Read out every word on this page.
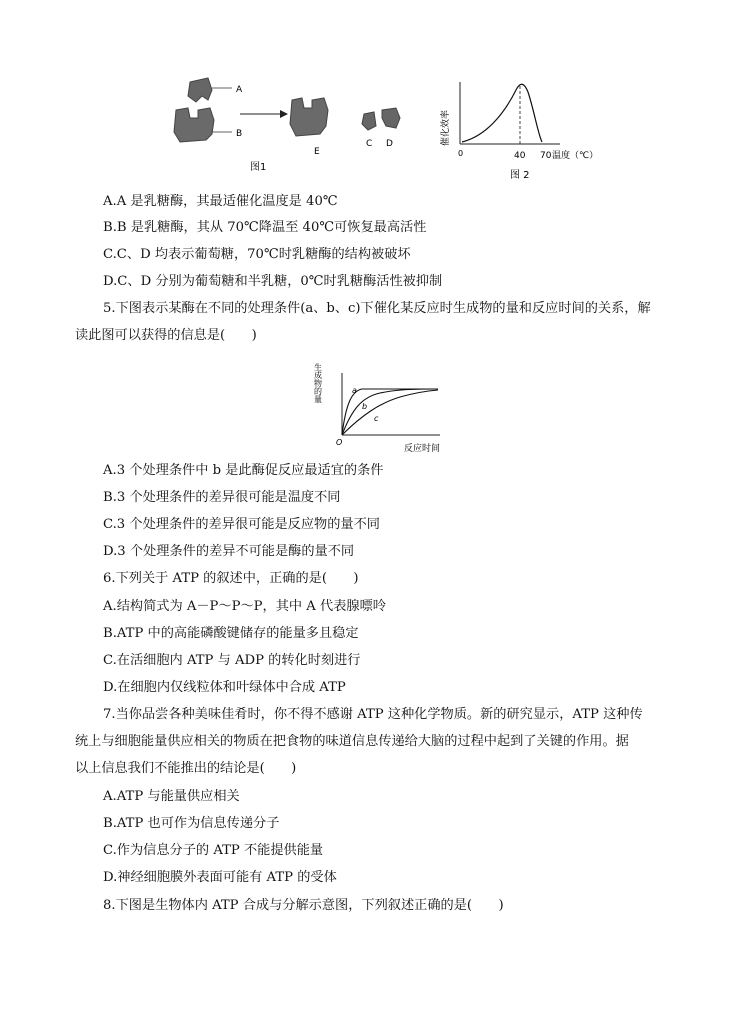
A
B
E
C D
图1
催化效率
0	40 70 温度（℃）
图 2
A.A 是乳糖酶，其最适催化温度是 40℃
B.B 是乳糖酶，其从 70℃降温至 40℃可恢复最高活性
C.C、D 均表示葡萄糖，70℃时乳糖酶的结构被破坏
D.C、D 分别为葡萄糖和半乳糖，0℃时乳糖酶活性被抑制
5.下图表示某酶在不同的处理条件(a、b、c)下催化某反应时生成物的量和反应时间的关系，解
读此图可以获得的信息是(　　)
生成物的量	a
b
c
O
反应时间
A.3 个处理条件中 b 是此酶促反应最适宜的条件
B.3 个处理条件的差异很可能是温度不同
C.3 个处理条件的差异很可能是反应物的量不同
D.3 个处理条件的差异不可能是酶的量不同
6.下列关于 ATP 的叙述中，正确的是(　　)
A.结构简式为 A－P～P～P，其中 A 代表腺嘌呤
B.ATP 中的高能磷酸键储存的能量多且稳定
C.在活细胞内 ATP 与 ADP 的转化时刻进行
D.在细胞内仅线粒体和叶绿体中合成 ATP
7.当你品尝各种美味佳肴时，你不得不感谢 ATP 这种化学物质。新的研究显示，ATP 这种传
统上与细胞能量供应相关的物质在把食物的味道信息传递给大脑的过程中起到了关键的作用。据
以上信息我们不能推出的结论是(　　)
A.ATP 与能量供应相关
B.ATP 也可作为信息传递分子
C.作为信息分子的 ATP 不能提供能量
D.神经细胞膜外表面可能有 ATP 的受体
8.下图是生物体内 ATP 合成与分解示意图，下列叙述正确的是(　　)
